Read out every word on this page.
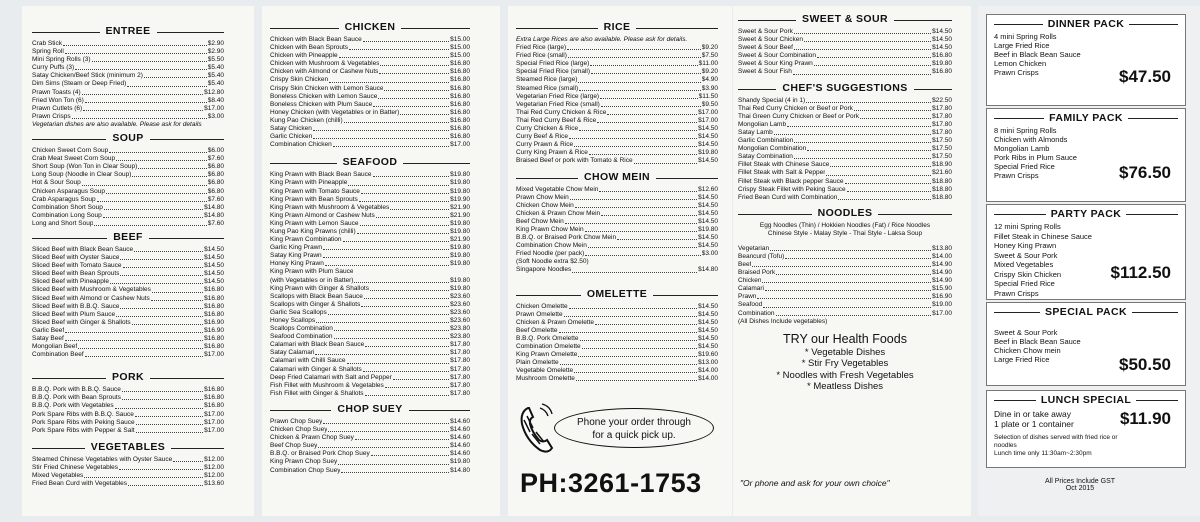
ENTREE
Crab Stick	$2.90
Spring Roll	$2.90
Mini Spring Rolls (3)	$5.50
Curry Puffs (3)	$5.40
Satay Chicken/Beef Stick (minimum 2)	$5.40
Dim Sims (Steam or Deep Fried)	$5.40
Prawn Toasts (4)	$12.80
Fried Won Ton (6)	$8.40
Prawn Cutlets (6)	$17.00
Prawn Crisps	$3.00
Vegetarian dishes are also available. Please ask for details
SOUP
Chicken Sweet Corn Soup	$6.00
Crab Meat Sweet Corn Soup	$7.60
Short Soup (Won Ton in Clear Soup)	$6.80
Long Soup (Noodle in Clear Soup)	$6.80
Hot & Sour Soup	$6.80
Chicken Asparagus Soup	$6.80
Crab Asparagus Soup	$7.60
Combination Short Soup	$14.80
Combination Long Soup	$14.80
Long and Short Soup	$7.60
BEEF
Sliced Beef with Black Bean Sauce	$14.50
Sliced Beef with Oyster Sauce	$14.50
Sliced Beef with Tomato Sauce	$14.50
Sliced Beef with Bean Sprouts	$14.50
Sliced Beef with Pineapple	$14.50
Sliced Beef with Mushroom & Vegetables	$16.80
Sliced Beef with Almond or Cashew Nuts	$16.80
Sliced Beef with B.B.Q. Sauce	$16.80
Sliced Beef with Plum Sauce	$16.80
Sliced Beef with Ginger & Shallots	$16.90
Garlic Beef	$16.90
Satay Beef	$16.80
Mongolian Beef	$16.80
Combination Beef	$17.00
PORK
B.B.Q. Pork with B.B.Q. Sauce	$16.80
B.B.Q. Pork with Bean Sprouts	$16.80
B.B.Q. Pork with Vegetables	$16.80
Pork Spare Ribs with B.B.Q. Sauce	$17.00
Pork Spare Ribs with Peking Sauce	$17.00
Pork Spare Ribs with Pepper & Salt	$17.00
VEGETABLES
Steamed Chinese Vegetables with Oyster Sauce	$12.00
Stir Fried Chinese Vegetables	$12.00
Mixed Vegetables	$12.00
Fried Bean Curd with Vegetables	$13.60
CHICKEN
Chicken with Black Bean Sauce	$15.00
Chicken with Bean Sprouts	$15.00
Chicken with Pineapple	$15.00
Chicken with Mushroom & Vegetables	$16.80
Chicken with Almond or Cashew Nuts	$16.80
Crispy Skin Chicken	$16.80
Crispy Skin Chicken with Lemon Sauce	$16.80
Boneless Chicken with Lemon Sauce	$16.80
Boneless Chicken with Plum Sauce	$16.80
Honey Chicken (with Vegetables or in Batter)	$16.80
Kung Pao Chicken (chilli)	$16.80
Satay Chicken	$16.80
Garlic Chicken	$16.80
Combination Chicken	$17.00
SEAFOOD
King Prawn with Black Bean Sauce	$19.80
King Prawn with Pineapple	$19.80
King Prawn with Tomato Sauce	$19.80
King Prawn with Bean Sprouts	$19.90
King Prawn with Mushroom & Vegetables	$21.90
King Prawn Almond or Cashew Nuts	$21.90
King Prawn with Lemon Sauce	$19.80
Kung Pao King Prawns (chilli)	$19.80
King Prawn Combination	$21.90
Garlic King Prawn	$19.80
Satay King Prawn	$19.80
Honey King Prawn	$19.80
King Prawn with Plum Sauce
(with Vegetables or in Batter)	$19.80
King Prawn with Ginger & Shallots	$19.80
Scallops with Black Bean Sauce	$23.60
Scallops with Ginger & Shallots	$23.60
Garlic Sea Scallops	$23.60
Honey Scallops	$23.60
Scallops Combination	$23.80
Seafood Combination	$23.80
Calamari with Black Bean Sauce	$17.80
Satay Calamari	$17.80
Calamari with Chilli Sauce	$17.80
Calamari with Ginger & Shallots	$17.80
Deep Fried Calamari with Salt and Pepper	$17.80
Fish Fillet with Mushroom & Vegetables	$17.80
Fish Fillet with Ginger & Shallots	$17.80
CHOP SUEY
Prawn Chop Suey	$14.60
Chicken Chop Suey	$14.60
Chicken & Prawn Chop Suey	$14.60
Beef Chop Suey	$14.60
B.B.Q. or Braised Pork Chop Suey	$14.60
King Prawn Chop Suey	$19.80
Combination Chop Suey	$14.80
RICE
Extra Large Rices are also available. Please ask for details.
Fried Rice (large)	$9.20
Fried Rice (small)	$7.50
Special Fried Rice (large)	$11.00
Special Fried Rice (small)	$9.20
Steamed Rice (large)	$4.90
Steamed Rice (small)	$3.90
Vegetarian Fried Rice (large)	$11.50
Vegetarian Fried Rice (small)	$9.50
Thai Red Curry Chicken & Rice	$17.00
Thai Red Curry Beef & Rice	$17.00
Curry Chicken & Rice	$14.50
Curry Beef & Rice	$14.50
Curry Prawn & Rice	$14.50
Curry King Prawn & Rice	$19.80
Braised Beef or pork with Tomato & Rice	$14.50
CHOW MEIN
Mixed Vegetable Chow Mein	$12.60
Prawn Chow Mein	$14.50
Chicken Chow Mein	$14.50
Chicken & Prawn Chow Mein	$14.50
Beef Chow Mein	$14.50
King Prawn Chow Mein	$19.80
B.B.Q. or Braised Pork Chow Mein	$14.50
Combination Chow Mein	$14.50
Fried Noodle (per pack)	$3.00
(Soft Noodle extra $2.50)
Singapore Noodles	$14.80
OMELETTE
Chicken Omelette	$14.50
Prawn Omelette	$14.50
Chicken & Prawn Omelette	$14.50
Beef Omelette	$14.50
B.B.Q. Pork Omelette	$14.50
Combination Omelette	$14.50
King Prawn Omelette	$19.60
Plain Omelette	$13.00
Vegetable Omelette	$14.00
Mushroom Omelette	$14.00
Phone your order through
for a quick pick up.
PH:3261-1753
SWEET & SOUR
Sweet & Sour Pork	$14.50
Sweet & Sour Chicken	$14.50
Sweet & Sour Beef	$14.50
Sweet & Sour Combination	$16.80
Sweet & Sour King Prawn	$19.80
Sweet & Sour Fish	$16.80
CHEF'S SUGGESTIONS
Shandy Special (4 in 1)	$22.50
Thai Red Curry Chicken or Beef or Pork	$17.80
Thai Green Curry Chicken or Beef or Pork	$17.80
Mongolian Lamb	$17.80
Satay Lamb	$17.80
Garlic Combination	$17.50
Mongolian Combination	$17.50
Satay Combination	$17.50
Fillet Steak with Chinese Sauce	$18.90
Fillet Steak with Salt & Pepper	$21.60
Fillet Steak with Black pepper Sauce	$18.80
Crispy Steak Fillet with Peking Sauce	$18.80
Fried Bean Curd with Combination	$18.80
NOODLES
Egg Noodles (Thin) / Hokkien Noodles (Fat) / Rice Noodles
Chinese Style - Malay Style - Thai Style - Laksa Soup
Vegetarian	$13.80
Beancurd (Tofu)	$14.00
Beef	$14.90
Braised Pork	$14.90
Chicken	$14.90
Calamari	$15.90
Prawn	$16.90
Seafood	$19.00
Combination	$17.00
(All Dishes Include vegetables)
TRY our Health Foods
* Vegetable Dishes
* Stir Fry Vegetables
* Noodles with Fresh Vegetables
* Meatless Dishes
"Or phone and ask for your own choice"
DINNER PACK
4 mini Spring Rolls
Large Fried Rice
Beef in Black Bean Sauce
Lemon Chicken
Prawn Crisps	$47.50
FAMILY PACK
8 mini Spring Rolls
Chicken with Almonds
Mongolian Lamb
Pork Ribs in Plum Sauce
Special Fried Rice
Prawn Crisps	$76.50
PARTY PACK
12 mini Spring Rolls
Fillet Steak in Chinese Sauce
Honey King Prawn
Sweet & Sour Pork
Mixed Vegetables
Crispy Skin Chicken
Special Fried Rice
Prawn Crisps
$112.50
SPECIAL PACK
Sweet & Sour Pork
Beef in Black Bean Sauce
Chicken Chow mein
Large Fried Rice	$50.50
LUNCH SPECIAL
Dine in or take away
1 plate or 1 container	$11.90
Selection of dishes served with fried rice or
noodles
Lunch time only 11:30am~2:30pm
All Prices Include GST
Oct 2015
